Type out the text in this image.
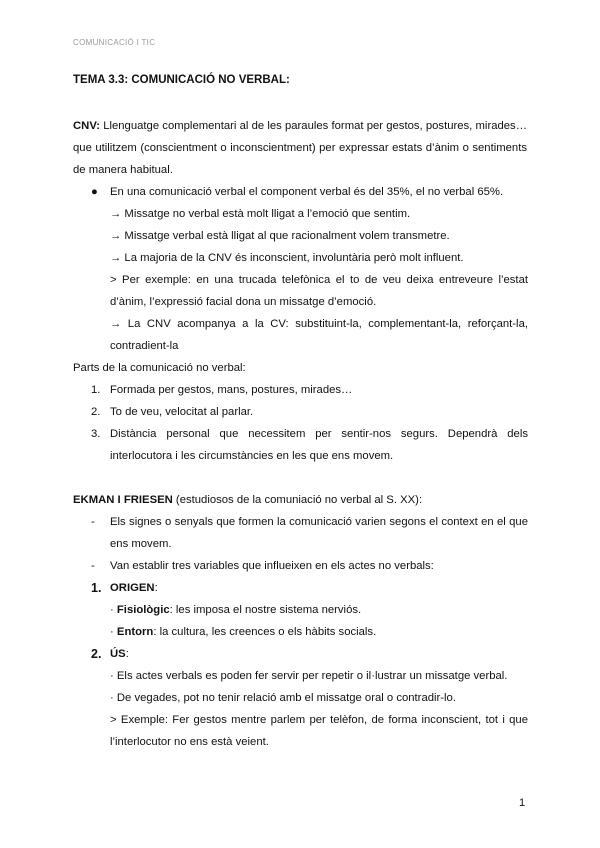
COMUNICACIÓ I TIC
TEMA 3.3: COMUNICACIÓ NO VERBAL:
CNV: Llenguatge complementari al de les paraules format per gestos, postures, mirades… que utilitzem (conscientment o inconscientment) per expressar estats d’ànim o sentiments de manera habitual.
● En una comunicació verbal el component verbal és del 35%, el no verbal 65%.
→ Missatge no verbal està molt lligat a l’emoció que sentim.
→ Missatge verbal està lligat al que racionalment volem transmetre.
→ La majoria de la CNV és inconscient, involuntària però molt influent.
> Per exemple: en una trucada telefònica el to de veu deixa entreveure l’estat d’ànim, l’expressió facial dona un missatge d’emoció.
→ La CNV acompanya a la CV: substituint-la, complementant-la, reforçant-la, contradient-la
Parts de la comunicació no verbal:
1. Formada per gestos, mans, postures, mirades…
2. To de veu, velocitat al parlar.
3. Distància personal que necessitem per sentir-nos segurs. Dependrà dels interlocutora i les circumstàncies en les que ens movem.
EKMAN I FRIESEN (estudiosos de la comuniació no verbal al S. XX):
- Els signes o senyals que formen la comunicació varien segons el context en el que ens movem.
- Van establir tres variables que influeixen en els actes no verbals:
1. ORIGEN:
· Fisiològic: les imposa el nostre sistema nerviós.
· Entorn: la cultura, les creences o els hàbits socials.
2. ÚS:
· Els actes verbals es poden fer servir per repetir o il·lustrar un missatge verbal.
· De vegades, pot no tenir relació amb el missatge oral o contradir-lo.
> Exemple: Fer gestos mentre parlem per telèfon, de forma inconscient, tot i que l’interlocutor no ens està veient.
1
